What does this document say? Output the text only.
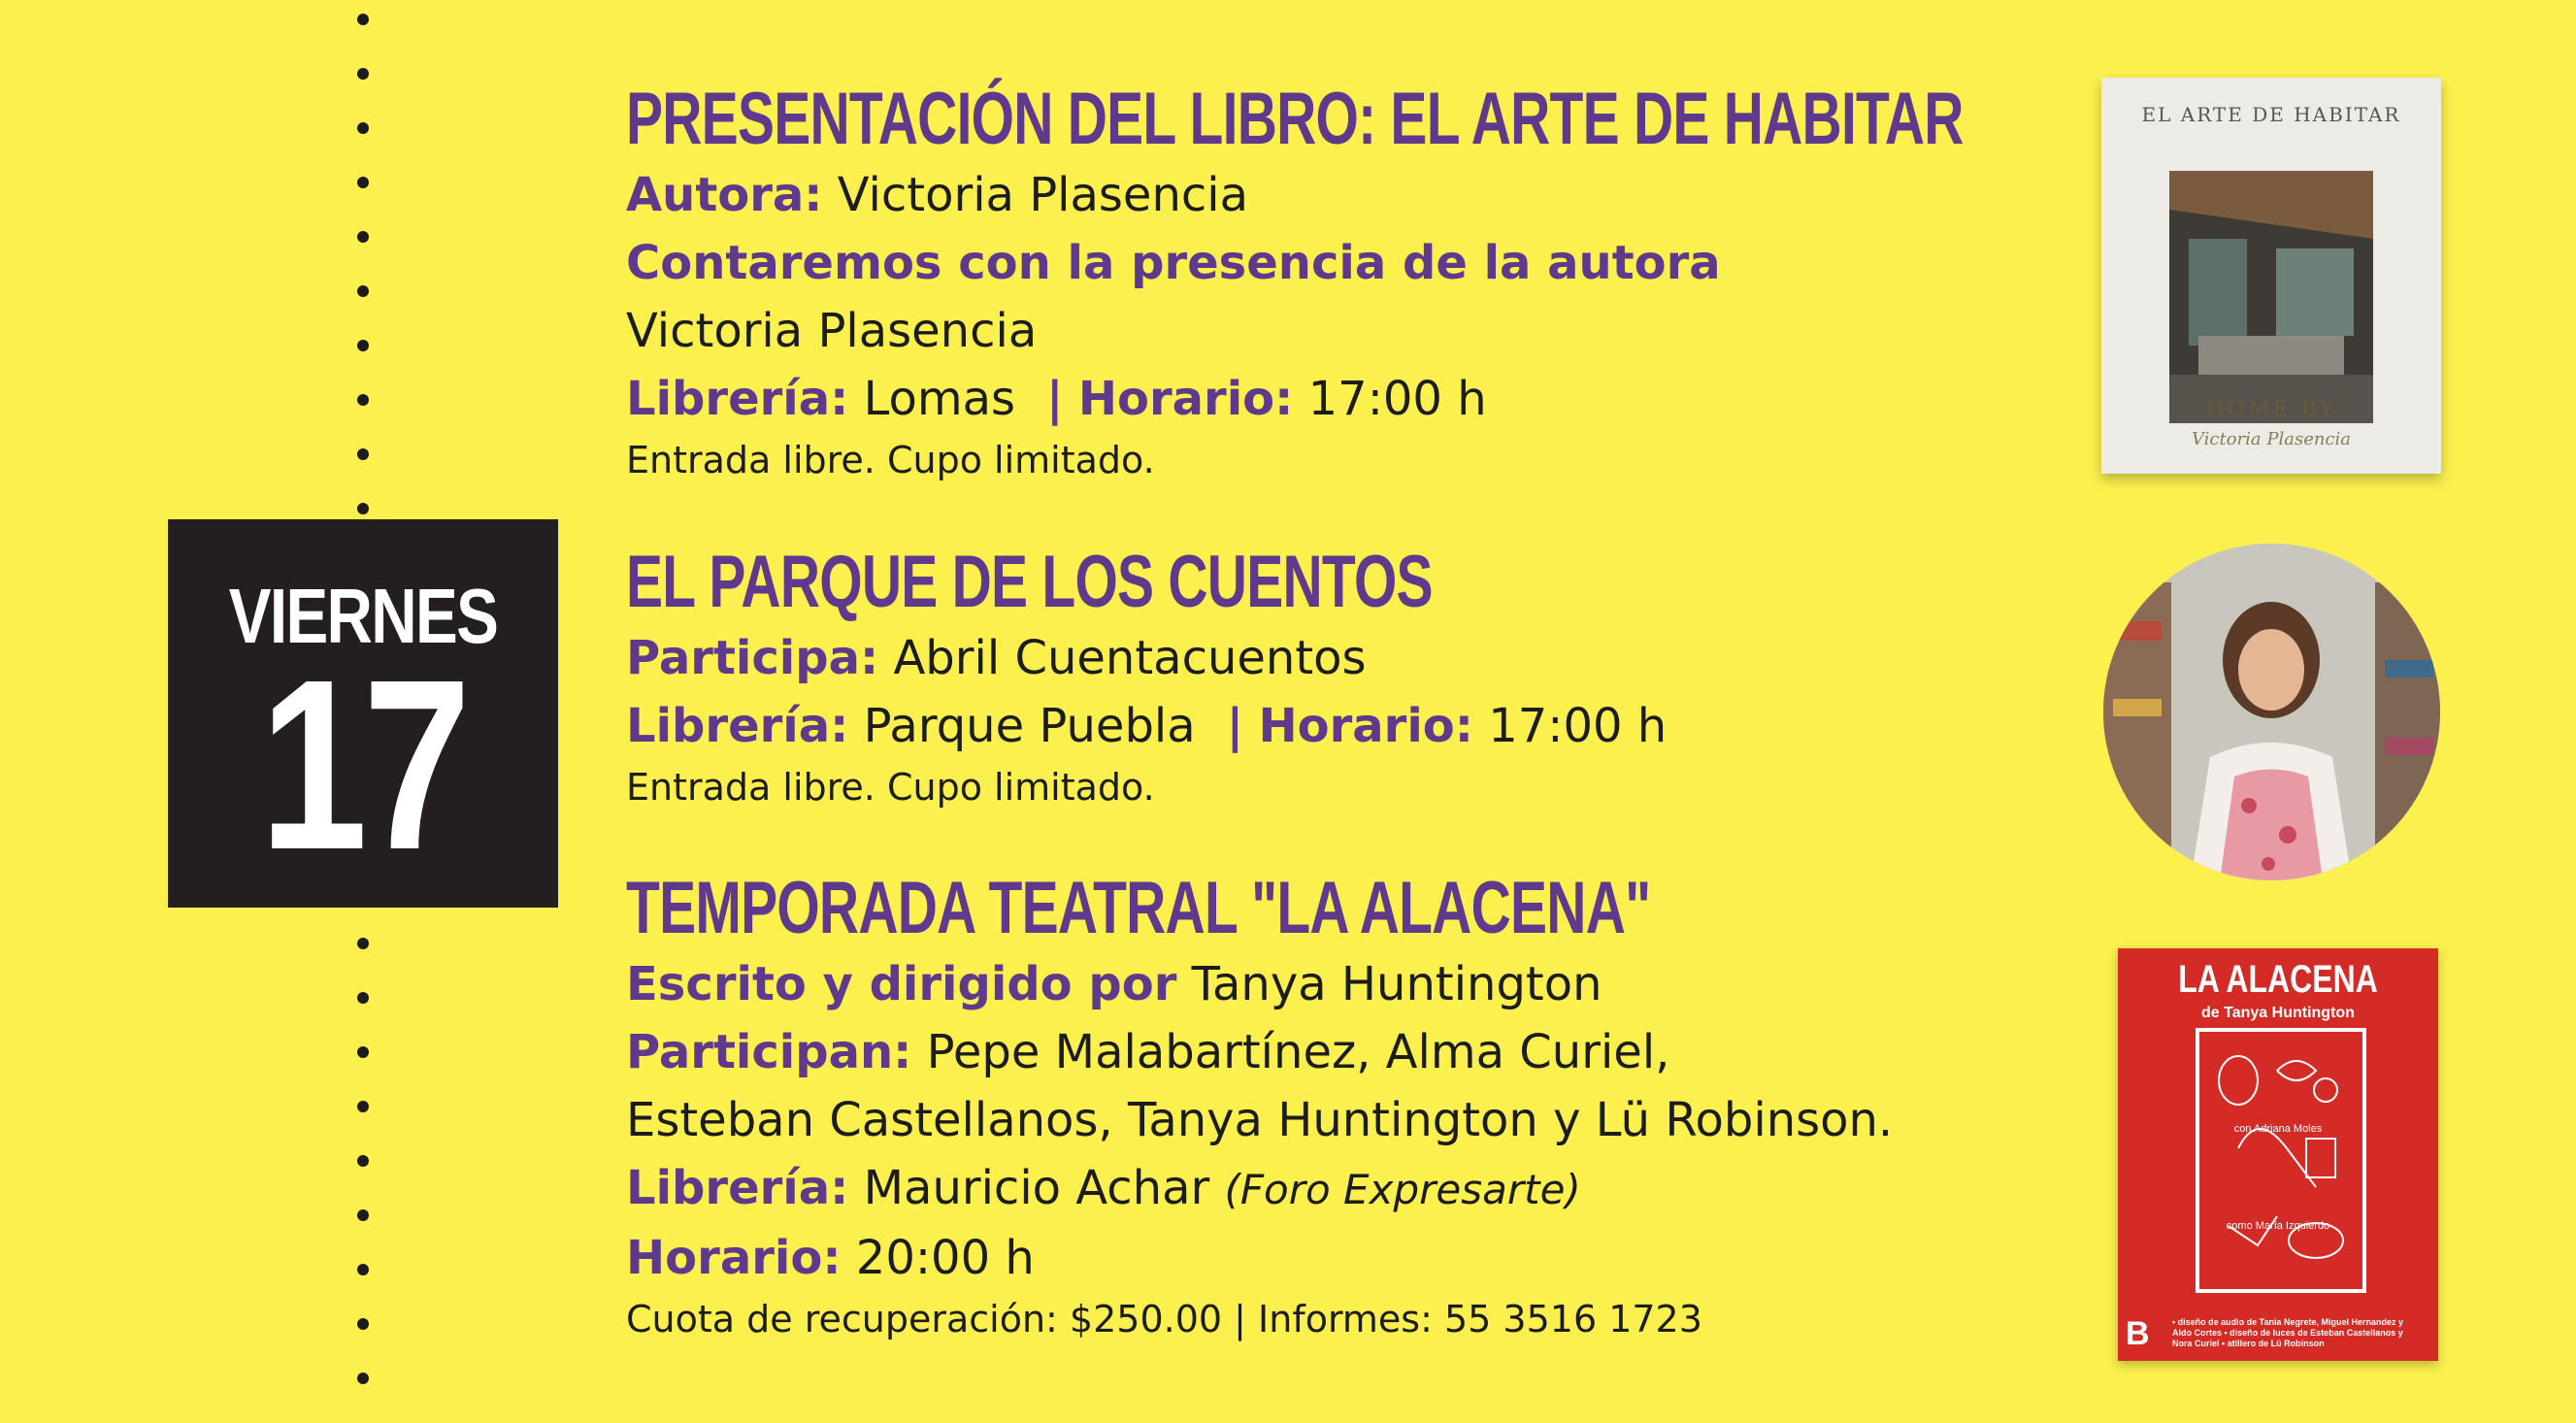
VIERNES
17
PRESENTACIÓN DEL LIBRO: EL ARTE DE HABITAR
Autora: Victoria Plasencia
Contaremos con la presencia de la autora
Victoria Plasencia
Librería: Lomas  | Horario: 17:00 h
Entrada libre. Cupo limitado.
EL PARQUE DE LOS CUENTOS
Participa: Abril Cuentacuentos
Librería: Parque Puebla  | Horario: 17:00 h
Entrada libre. Cupo limitado.
TEMPORADA TEATRAL "LA ALACENA"
Escrito y dirigido por Tanya Huntington
Participan: Pepe Malabartínez, Alma Curiel,
Esteban Castellanos, Tanya Huntington y Lü Robinson.
Librería: Mauricio Achar (Foro Expresarte)
Horario: 20:00 h
Cuota de recuperación: $250.00 | Informes: 55 3516 1723
EL ARTE DE HABITAR
HOME BY
Victoria Plasencia
LA ALACENA
de Tanya Huntington
con Adriana Moles
como María Izquierdo
B	• diseño de audio de Tania Negrete, Miguel Hernandez y Aldo Cortes • diseño de luces de Esteban Castellanos y Nora Curiel • atillero de Lü Robinson
